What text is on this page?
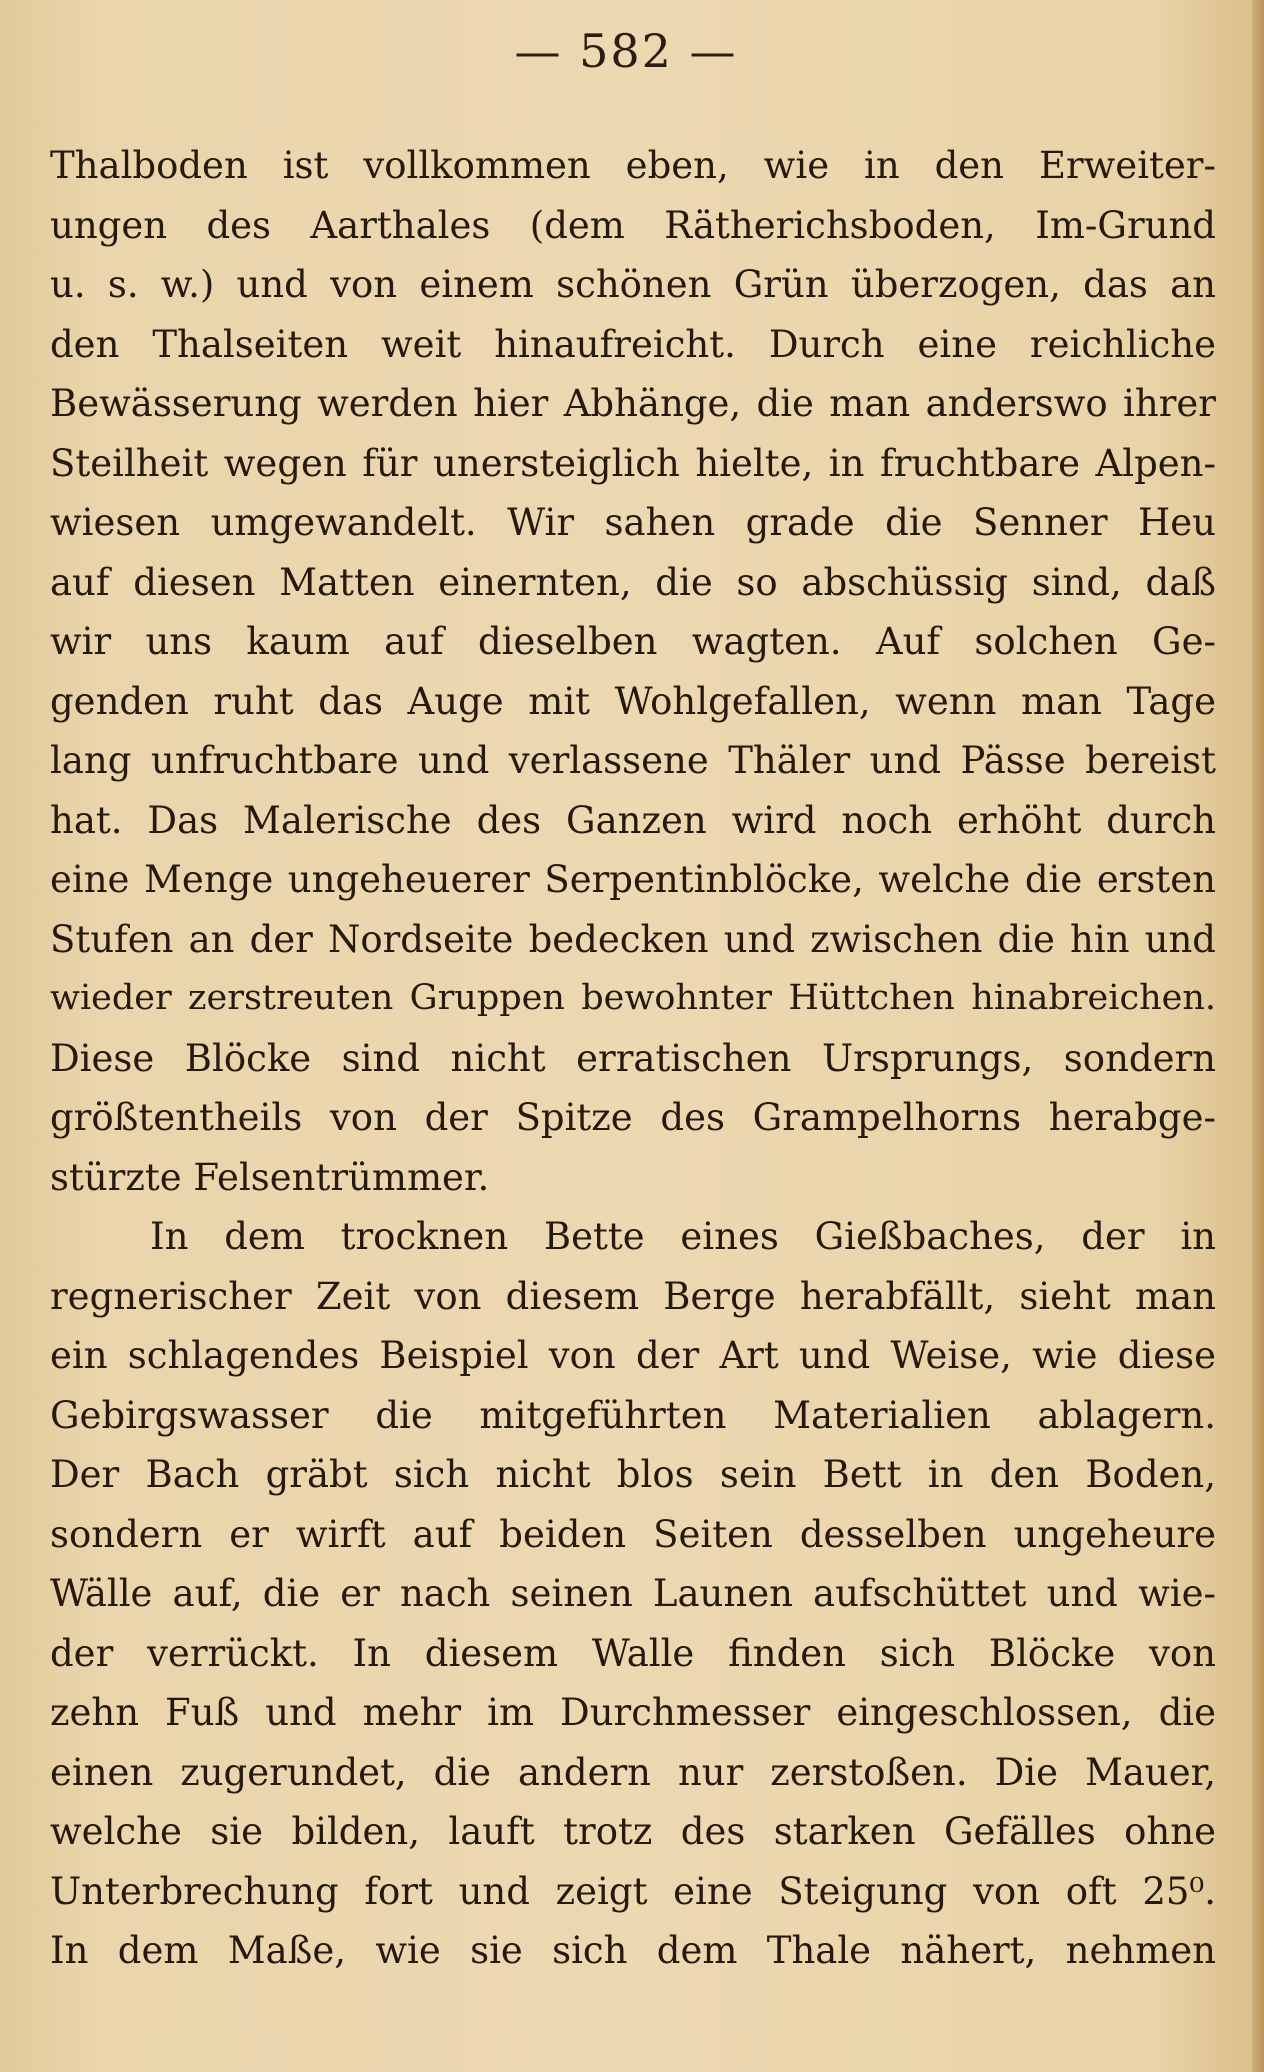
— 582 —
Thalboden ist vollkommen eben, wie in den Erweiter-
ungen des Aarthales (dem Rätherichsboden, Im-Grund
u. s. w.) und von einem schönen Grün überzogen, das an
den Thalseiten weit hinaufreicht. Durch eine reichliche
Bewässerung werden hier Abhänge, die man anderswo ihrer
Steilheit wegen für unersteiglich hielte, in fruchtbare Alpen-
wiesen umgewandelt. Wir sahen grade die Senner Heu
auf diesen Matten einernten, die so abschüssig sind, daß
wir uns kaum auf dieselben wagten. Auf solchen Ge-
genden ruht das Auge mit Wohlgefallen, wenn man Tage
lang unfruchtbare und verlassene Thäler und Pässe bereist
hat. Das Malerische des Ganzen wird noch erhöht durch
eine Menge ungeheuerer Serpentinblöcke, welche die ersten
Stufen an der Nordseite bedecken und zwischen die hin und
wieder zerstreuten Gruppen bewohnter Hüttchen hinabreichen.
Diese Blöcke sind nicht erratischen Ursprungs, sondern
größtentheils von der Spitze des Grampelhorns herabge-
stürzte Felsentrümmer.
In dem trocknen Bette eines Gießbaches, der in
regnerischer Zeit von diesem Berge herabfällt, sieht man
ein schlagendes Beispiel von der Art und Weise, wie diese
Gebirgswasser die mitgeführten Materialien ablagern.
Der Bach gräbt sich nicht blos sein Bett in den Boden,
sondern er wirft auf beiden Seiten desselben ungeheure
Wälle auf, die er nach seinen Launen aufschüttet und wie-
der verrückt. In diesem Walle finden sich Blöcke von
zehn Fuß und mehr im Durchmesser eingeschlossen, die
einen zugerundet, die andern nur zerstoßen. Die Mauer,
welche sie bilden, lauft trotz des starken Gefälles ohne
Unterbrechung fort und zeigt eine Steigung von oft 25⁰.
In dem Maße, wie sie sich dem Thale nähert, nehmen
